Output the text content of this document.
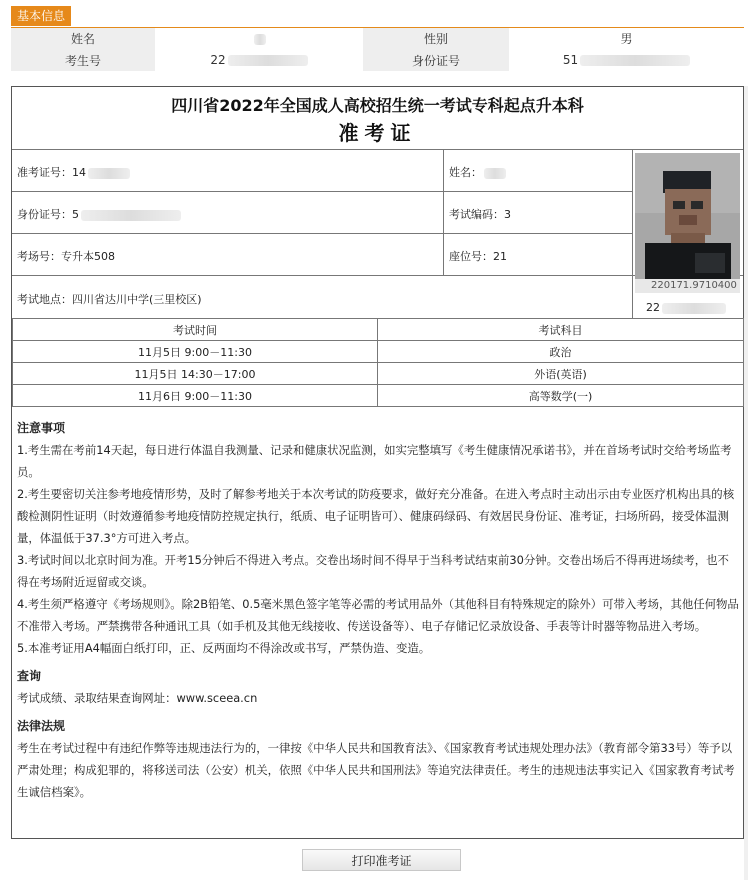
基本信息
姓名		性别	男
考生号	22	身份证号	51
四川省2022年全国成人高校招生统一考试专科起点升本科
准考证
准考证号：14	姓名：
身份证号：5	考试编码：3
考场号：专升本508	座位号：21
考试地点：四川省达川中学(三里校区)
220171.9710400
22
考试时间	考试科目
11月5日 9:00－11:30	政治
11月5日 14:30－17:00	外语(英语)
11月6日 9:00－11:30	高等数学(一)
注意事项

1.考生需在考前14天起，每日进行体温自我测量、记录和健康状况监测，如实完整填写《考生健康情况承诺书》，并在首场考试时交给考场监考员。

2.考生要密切关注参考地疫情形势，及时了解参考地关于本次考试的防疫要求，做好充分准备。在进入考点时主动出示由专业医疗机构出具的核酸检测阴性证明（时效遵循参考地疫情防控规定执行，纸质、电子证明皆可）、健康码绿码、有效居民身份证、准考证，扫场所码，接受体温测量，体温低于37.3°方可进入考点。

3.考试时间以北京时间为准。开考15分钟后不得进入考点。交卷出场时间不得早于当科考试结束前30分钟。交卷出场后不得再进场续考，也不得在考场附近逗留或交谈。

4.考生须严格遵守《考场规则》。除2B铅笔、0.5毫米黑色签字笔等必需的考试用品外（其他科目有特殊规定的除外）可带入考场，其他任何物品不准带入考场。严禁携带各种通讯工具（如手机及其他无线接收、传送设备等）、电子存储记忆录放设备、手表等计时器等物品进入考场。

5.本准考证用A4幅面白纸打印，正、反两面均不得涂改或书写，严禁伪造、变造。

查询

考试成绩、录取结果查询网址：www.sceea.cn

法律法规

考生在考试过程中有违纪作弊等违规违法行为的，一律按《中华人民共和国教育法》、《国家教育考试违规处理办法》（教育部令第33号）等予以严肃处理；构成犯罪的，将移送司法（公安）机关，依照《中华人民共和国刑法》等追究法律责任。考生的违规违法事实记入《国家教育考试考生诚信档案》。

打印准考证
